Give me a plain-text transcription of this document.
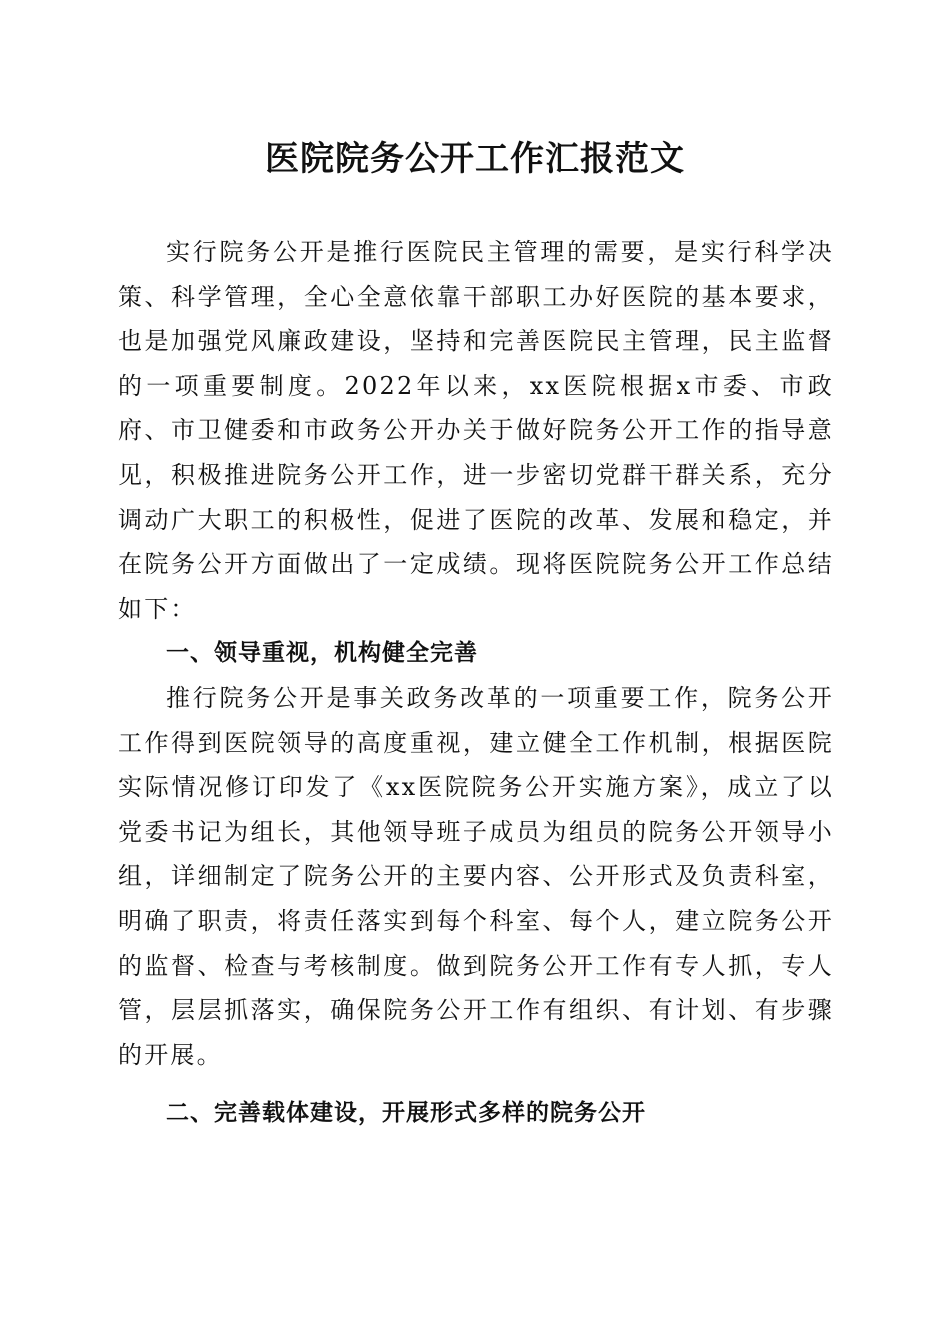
医院院务公开工作汇报范文

实行院务公开是推行医院民主管理的需要，是实行科学决策、科学管理，全心全意依靠干部职工办好医院的基本要求，也是加强党风廉政建设，坚持和完善医院民主管理，民主监督的一项重要制度。2022年以来，xx医院根据x市委、市政府、市卫健委和市政务公开办关于做好院务公开工作的指导意见，积极推进院务公开工作，进一步密切党群干群关系，充分调动广大职工的积极性，促进了医院的改革、发展和稳定，并在院务公开方面做出了一定成绩。现将医院院务公开工作总结如下：

一、领导重视，机构健全完善

推行院务公开是事关政务改革的一项重要工作，院务公开工作得到医院领导的高度重视，建立健全工作机制，根据医院实际情况修订印发了《xx医院院务公开实施方案》，成立了以党委书记为组长，其他领导班子成员为组员的院务公开领导小组，详细制定了院务公开的主要内容、公开形式及负责科室，明确了职责，将责任落实到每个科室、每个人，建立院务公开的监督、检查与考核制度。做到院务公开工作有专人抓，专人管，层层抓落实，确保院务公开工作有组织、有计划、有步骤的开展。

二、完善载体建设，开展形式多样的院务公开
